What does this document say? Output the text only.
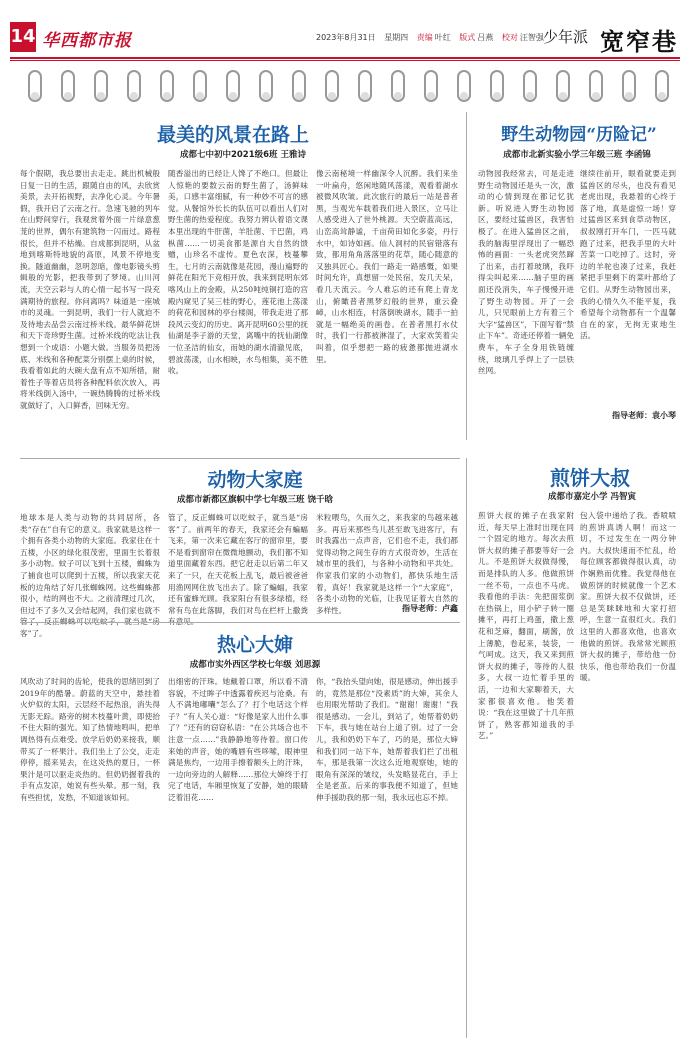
14 华西都市报	2023年8月31日 星期四 责编 叶红 版式 吕燕 校对 汪智强 少年派 宽窄巷
最美的风景在路上
成都七中初中2021级6班 王雅诗
每个假期，我总要出去走走。跳出机械般日复一日的生活，跟随自由的风，去欣赏美景，去开拓视野，去净化心灵。今年暑假，我开启了云南之行。急速飞驰的列车在山野间穿行，我观赏着外面一片绿意葱茏的世界，偶尔有建筑物一闪而过。路程很长，但并不枯燥。自成都到昆明，从盆地到喀斯特地貌的高原，风景不停地变换。隧道幽幽，忽明忽暗，像电影镜头剪辑般的光影，把我带到了梦境。山川河流，天空云彩与人的心情一起书写一段充满期待的旅程。你问离吗？味道是一座城市的灵魂。一到昆明，我们一行人就迫不及待地去品尝云南过桥米线。最华鲜花饼和天下奇珍野生菌。过桥米线的吃法让我想到一个成语：小题大做。当服务员把汤底、米线和各种配菜分别摆上桌的时候，我看着如此的大碗大盘有点不知所措，耐着性子等着店员将各种配料依次放入，再将米线倒入汤中，一碗热腾腾的过桥米线就做好了，入口鲜香，回味无穷。
随香溢出的已经让人馋了不绝口。但最让人惊艳的要数云南的野生菌了，汤鲜味美，口感丰富细腻，有一种妙不可言的感觉。从餐馆外长长的队伍可以看出人们对野生菌的热爱程度。我努力辨认着语文课本里出现的牛肝菌，羊肚菌、干巴菌，鸡枞菌……一切美食都是源自大自然的馈赠，山珍名不虚传。夏色农深，枝蔓攀生，七月的云南就像是花园，漫山遍野的鲜花在阳光下竞相开放，我来到昆明东郊喀风山上的金殿，从250吨纯铜打造的宫殿内窥见了吴三桂的野心，莲花池上荡漾的荷花和园林的亭台楼阁，带我走进了那段风云变幻的历史。离开昆明60公里的抚仙湖是李子游的天堂，离嘴中的抚仙湖像一位圣洁的仙女，而她的湖水清澈见底，碧波荡漾，山水相映，水鸟相集，美不胜收。
像云南秘境一样幽深令人沉醉。我们来坐一叶扁舟，悠闲地随风荡漾，观看着湖水被微风吹皱。此次旅行的最后一站是普者黑，当观光车载着我们进入景区，立马让人感受进入了世外桃源。天空蔚蓝高远，山峦高耸静谧，千亩荷田如化多姿，丹行水中，如诗如画。仙人洞村的民宿错落有致，都用角角落落里的花草，随心随意的又独具匠心。我们一路走一路感慨，如果时间允许，真想留一处民宿，发几天呆，看几天流云。今人难忘的还有爬上青龙山，俯瞰普者黑梦幻般的世界，重云叠嶂，山水相连，村落倒映湖水，随手一拍就是一幅绝美的画卷。在普者黑打水仗时，我们一行都被淋湿了，大家欢笑着尖叫着，似乎想把一路的疲惫都抛进湖水里。
野生动物园“历险记”
成都市北新实验小学三年级三班 李函锦
动物园我经常去，可是走进野生动物园还是头一次，激动的心情到现在都记忆犹新。听说进入野生动物园区，要经过猛兽区，我害怕极了。在进入猛兽区之前，我的脑海里浮现出了一幅恐怖的画面：一头老虎突然蹿了出来，击打着玻璃，我吓得尖叫起来……脑子里的画面还没消失，车子慢慢开进了野生动物园。开了一会儿，只见眼前上方有着三个大字“猛兽区”，下面写着“禁止下车”。奇迹还停着一辆免费车，车子全身用铁链缠绕，玻璃几乎焊上了一层铁丝网。
继续往前开，眼看就要走到猛兽区的尽头，也没有看见老虎出现，我悬着的心终于落了地，真是虚惊一场！穿过猛兽区来到食草动物区，叔叔刚打开车门，一匹马就跑了过来，把我手里的大叶苦菜一口吃掉了。这时，旁边的羊驼也凑了过来，我赶紧把手里剩下的菜叶都给了它们。从野生动物园出来，我的心情久久不能平复，我希望每个动物都有一个温馨自在的家，无拘无束地生活。
指导老师：袁小琴
动物大家庭
成都市新都区旗帜中学七年级三班 饶千晗
地球本是人类与动物的共同居所，各类“存在”自有它的意义。我家就是这样一个拥有各类小动物的大家庭。我家住在十五楼，小区的绿化很茂密，里面生长着很多小动物。蚊子可以飞到十五楼，蜘蛛为了捕食也可以爬到十五楼，所以我家天花板的边角结了好几张蜘蛛网。这些蜘蛛都很小，结的网也不大。之前清理过几次，但过不了多久又会结起网，我们家也就不 客”了。
管了，反正蜘蛛可以吃蚊子，就当是“房客”了。前两年的春天，我家还会有蝙蝠飞来，第一次来它藏在客厅的窗帘里，要不是看到窗帘在微微地颤动，我们都不知道里面藏着东西。把它赶走以后第二年又来了一只，在天花板上乱飞，最后被爸爸用渔网网住放飞出去了。除了蝙蝠，我家还有蜜蜂光顾。我家阳台有很多绿植，经常有鸟在此落脚，我们对鸟在栏杆上撒粪
米粒喂鸟，久而久之，来我家的鸟越来越多。再后来那些鸟儿甚至敢飞进客厅，有时我露出一点声音，它们也不走，我们都觉得动物之间生存的方式很奇妙，生活在城市里的我们，与各种小动物和平共处。你家我们家的小动物们，都快乐地生活着，真好！我家就是这样一个“大家庭”，各类小动物的光临，让我见证着大自然的多样性。	指导老师：卢鑫
热心大婶
成都市实外西区学校七年级 刘思源
风吹动了时间的齿轮，使我的思绪回到了2019年的酷暑。蔚蓝的天空中，悬挂着火炉似的太阳，云层经不起热浪，消失得无影无踪。路旁的树木枝蔓叶黄，即使抬不住大阳的强光。知了热情地鸣叫，把单调热得有点难受。放学后奶奶来接我，顺带买了一杯果汁。我们坐上了公交，走走停停，摇来晃去，在这炎热的夏日，一杯果汁是可以驱走炎热的。但奶奶握着我的手有点发凉，她说有些头晕。那一刻，我有些担忧，发愁，不知道该如何。
出细密的汗珠。她戴着口罩，所以看不清容貌，不过眸子中透露着疾迟与沧桑。有人不满地嘟囔“怎么了？打个电话这个样子？”有人关心道：“好像是家人出什么事了？”还有的窃窃私语：“在公共场合也不注意一点……”我静静地等待着。窗口传来她的声音，她的嘴唇有些哆嗦，眼神里满是焦灼，一边用手擦着额头上的汗珠，一边向旁边的人解释……那位大婶终于打完了电话，车厢里恢复了安静，她的眼睛泛着泪花……
你，“我抬头望向她，很是感动，伸出援手的，竟然是那位“没素质”的大婶，其余人也用眼光帮助了我们。“谢谢！谢谢！”我很是感动。一会儿，到站了，她帮着奶奶下车，我与她在站台上道了别。过了一会儿，我和奶奶下车了，巧的是，那位大婶和我们同一站下车，她帮着我们拦了出租车，那是我第一次这么近地观察她，她的眼角有深深的皱纹，头发略显花白，手上全是老茧。后来的事我便不知道了，但她伸手援助我的那一刻，我永远也忘不掉。
煎饼大叔
成都市嘉定小学 冯智寅
煎饼大叔的摊子在我家附近，每天早上准时出现在同一个固定的地方。每次去煎饼大叔的摊子都要等好一会儿。不是煎饼大叔做得慢，而是排队的人多。他做煎饼一丝不苟，一点也不马虎。我看他的手法：先把面浆倒在热锅上，用小铲子转一圈摊平，再打上鸡蛋，撒上葱花和芝麻，翻面，刷酱，放上薄脆，卷起来，装袋，一气呵成。这天，我又来到煎饼大叔的摊子，等待的人很多，大叔一边忙着手里的活，一边和大家聊着天，大家都很喜欢他。他笑着说：“我在这里做了十几年煎饼了，熟客都知道我的手艺。”
包入袋中递给了我。香喷喷的煎饼真诱人啊！而这一切，不过发生在一两分钟内。大叔快速而不忙乱，给每位顾客都做得很认真，动作娴熟而优雅。我觉得他在做煎饼的时候就像一个艺术家。煎饼大叔不仅做饼，还总是笑眯眯地和大家打招呼，生意一直很红火。我们这里的人都喜欢他，也喜欢他做的煎饼。我常常光顾煎饼大叔的摊子，带给他一份快乐，他也带给我们一份温暖。
